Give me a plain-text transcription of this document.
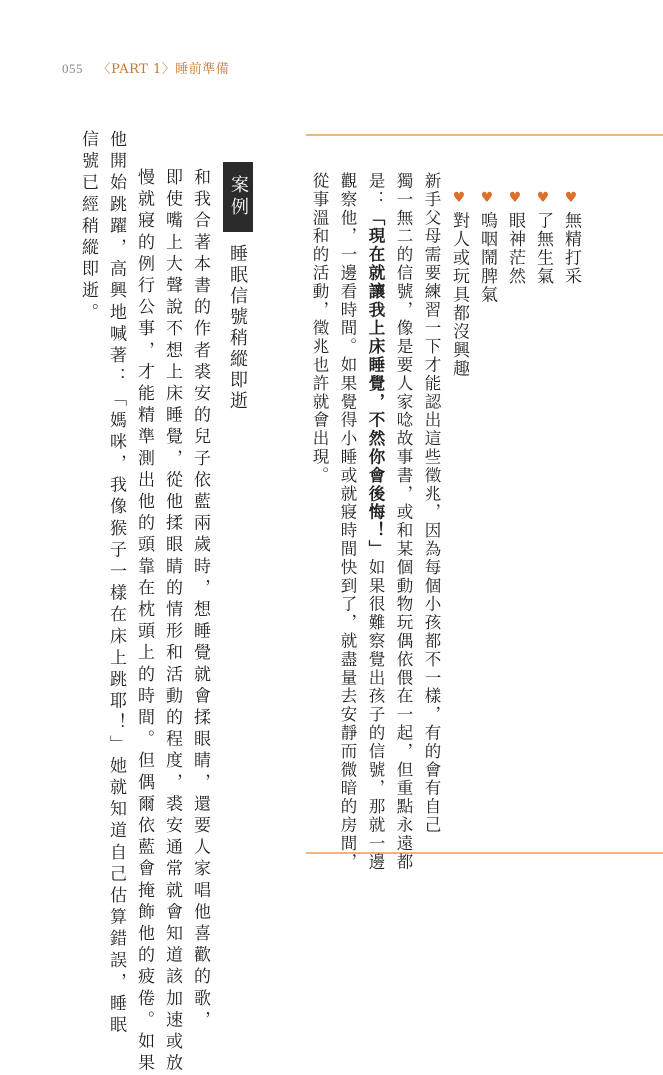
055 〈PART 1〉睡前準備
♥無精打采
♥了無生氣
♥眼神茫然
♥嗚咽鬧脾氣
♥對人或玩具都沒興趣
新手父母需要練習一下才能認出這些徵兆，因為每個小孩都不一樣，有的會有自己
獨一無二的信號，像是要人家唸故事書，或和某個動物玩偶依偎在一起，但重點永遠都
是：「現在就讓我上床睡覺，不然你會後悔！」如果很難察覺出孩子的信號，那就一邊
觀察他，一邊看時間。如果覺得小睡或就寢時間快到了，就盡量去安靜而微暗的房間，
從事溫和的活動，徵兆也許就會出現。
案例
睡眠信號稍縱即逝
和我合著本書的作者裘安的兒子依藍兩歲時，想睡覺就會揉眼睛，還要人家唱他喜歡的歌，
即使嘴上大聲說不想上床睡覺，從他揉眼睛的情形和活動的程度，裘安通常就會知道該加速或放
慢就寢的例行公事，才能精準測出他的頭靠在枕頭上的時間。但偶爾依藍會掩飾他的疲倦。如果
他開始跳躍，高興地喊著：「媽咪，我像猴子一樣在床上跳耶！」她就知道自己估算錯誤，睡眠
信號已經稍縱即逝。
